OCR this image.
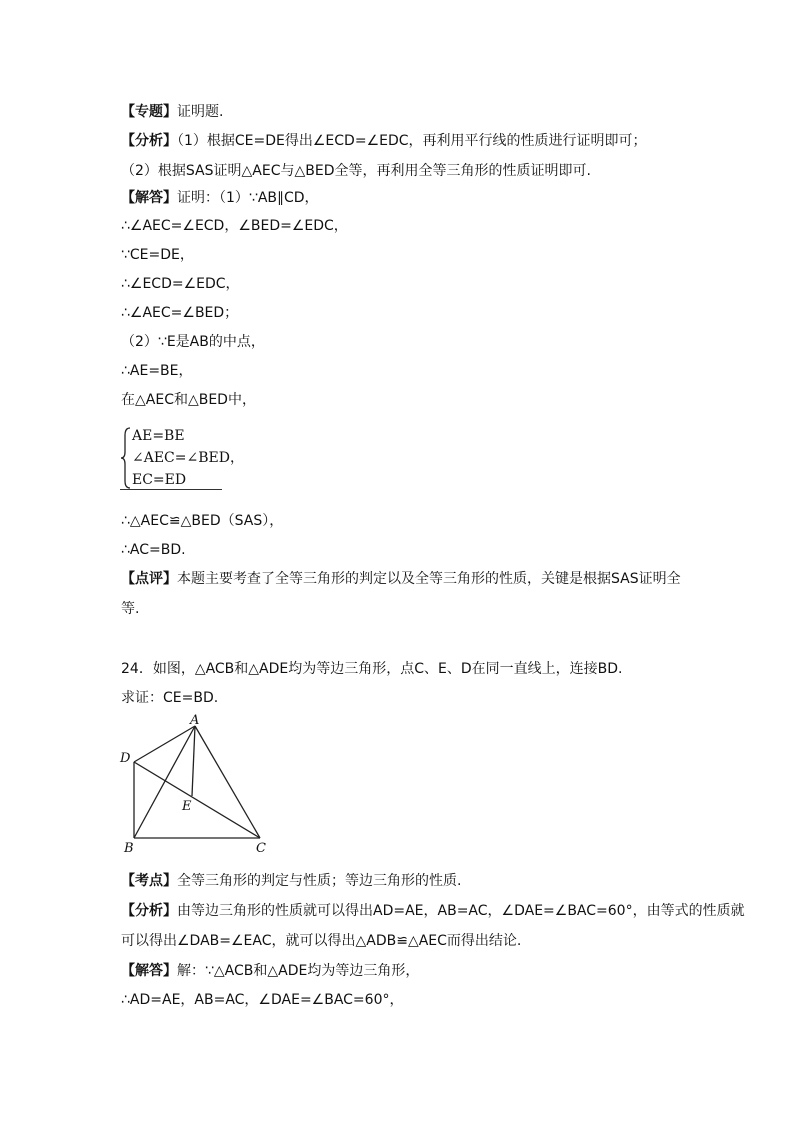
【专题】证明题.
【分析】（1）根据CE=DE得出∠ECD=∠EDC，再利用平行线的性质进行证明即可；
（2）根据SAS证明△AEC与△BED全等，再利用全等三角形的性质证明即可.
【解答】证明：（1）∵AB∥CD，
∴∠AEC=∠ECD，∠BED=∠EDC，
∵CE=DE，
∴∠ECD=∠EDC，
∴∠AEC=∠BED；
（2）∵E是AB的中点，
∴AE=BE，
在△AEC和△BED中，
AE=BE
∠AEC=∠BED，
EC=ED
∴△AEC≌△BED（SAS），
∴AC=BD.
【点评】本题主要考查了全等三角形的判定以及全等三角形的性质，关键是根据SAS证明全
等.
24．如图，△ACB和△ADE均为等边三角形，点C、E、D在同一直线上，连接BD.
求证：CE=BD.
A
D
E
B	C
【考点】全等三角形的判定与性质；等边三角形的性质.
【分析】由等边三角形的性质就可以得出AD=AE，AB=AC，∠DAE=∠BAC=60°，由等式的性质就
可以得出∠DAB=∠EAC，就可以得出△ADB≌△AEC而得出结论.
【解答】解：∵△ACB和△ADE均为等边三角形，
∴AD=AE，AB=AC，∠DAE=∠BAC=60°，
